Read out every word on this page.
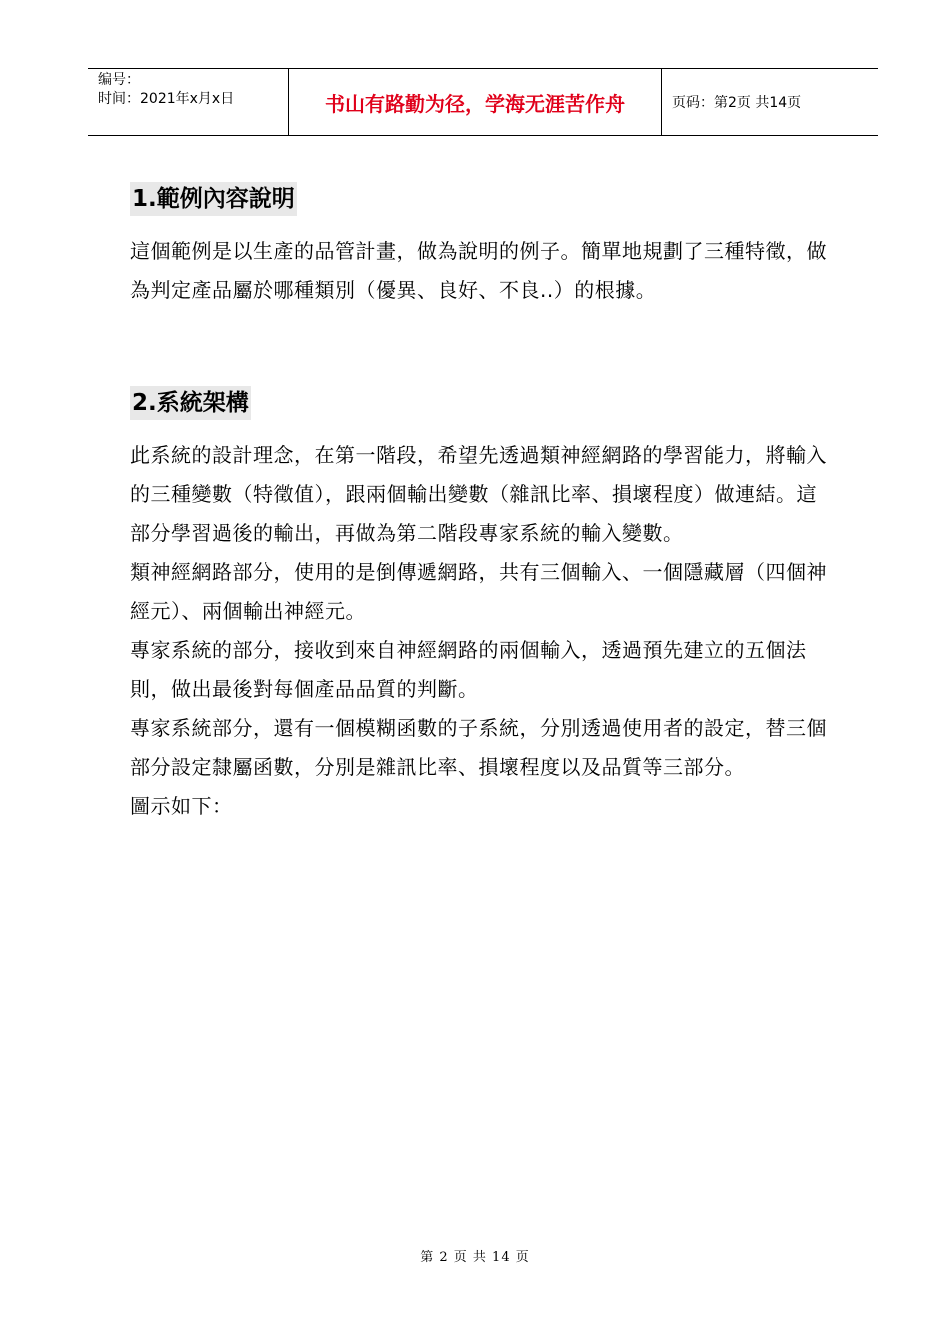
编号：
时间：2021年x月x日	书山有路勤为径，学海无涯苦作舟	页码：第2页 共14页
1.範例內容說明

這個範例是以生產的品管計畫，做為說明的例子。簡單地規劃了三種特徵，做為判定產品屬於哪種類別（優異、良好、不良..）的根據。

2.系統架構

此系統的設計理念，在第一階段，希望先透過類神經網路的學習能力，將輸入的三種變數（特徵值），跟兩個輸出變數（雜訊比率、損壞程度）做連結。這部分學習過後的輸出，再做為第二階段專家系統的輸入變數。

類神經網路部分，使用的是倒傳遞網路，共有三個輸入、一個隱藏層（四個神經元）、兩個輸出神經元。

專家系統的部分，接收到來自神經網路的兩個輸入，透過預先建立的五個法則，做出最後對每個產品品質的判斷。

專家系統部分，還有一個模糊函數的子系統，分別透過使用者的設定，替三個部分設定隸屬函數，分別是雜訊比率、損壞程度以及品質等三部分。

圖示如下：

第 2 页 共 14 页
